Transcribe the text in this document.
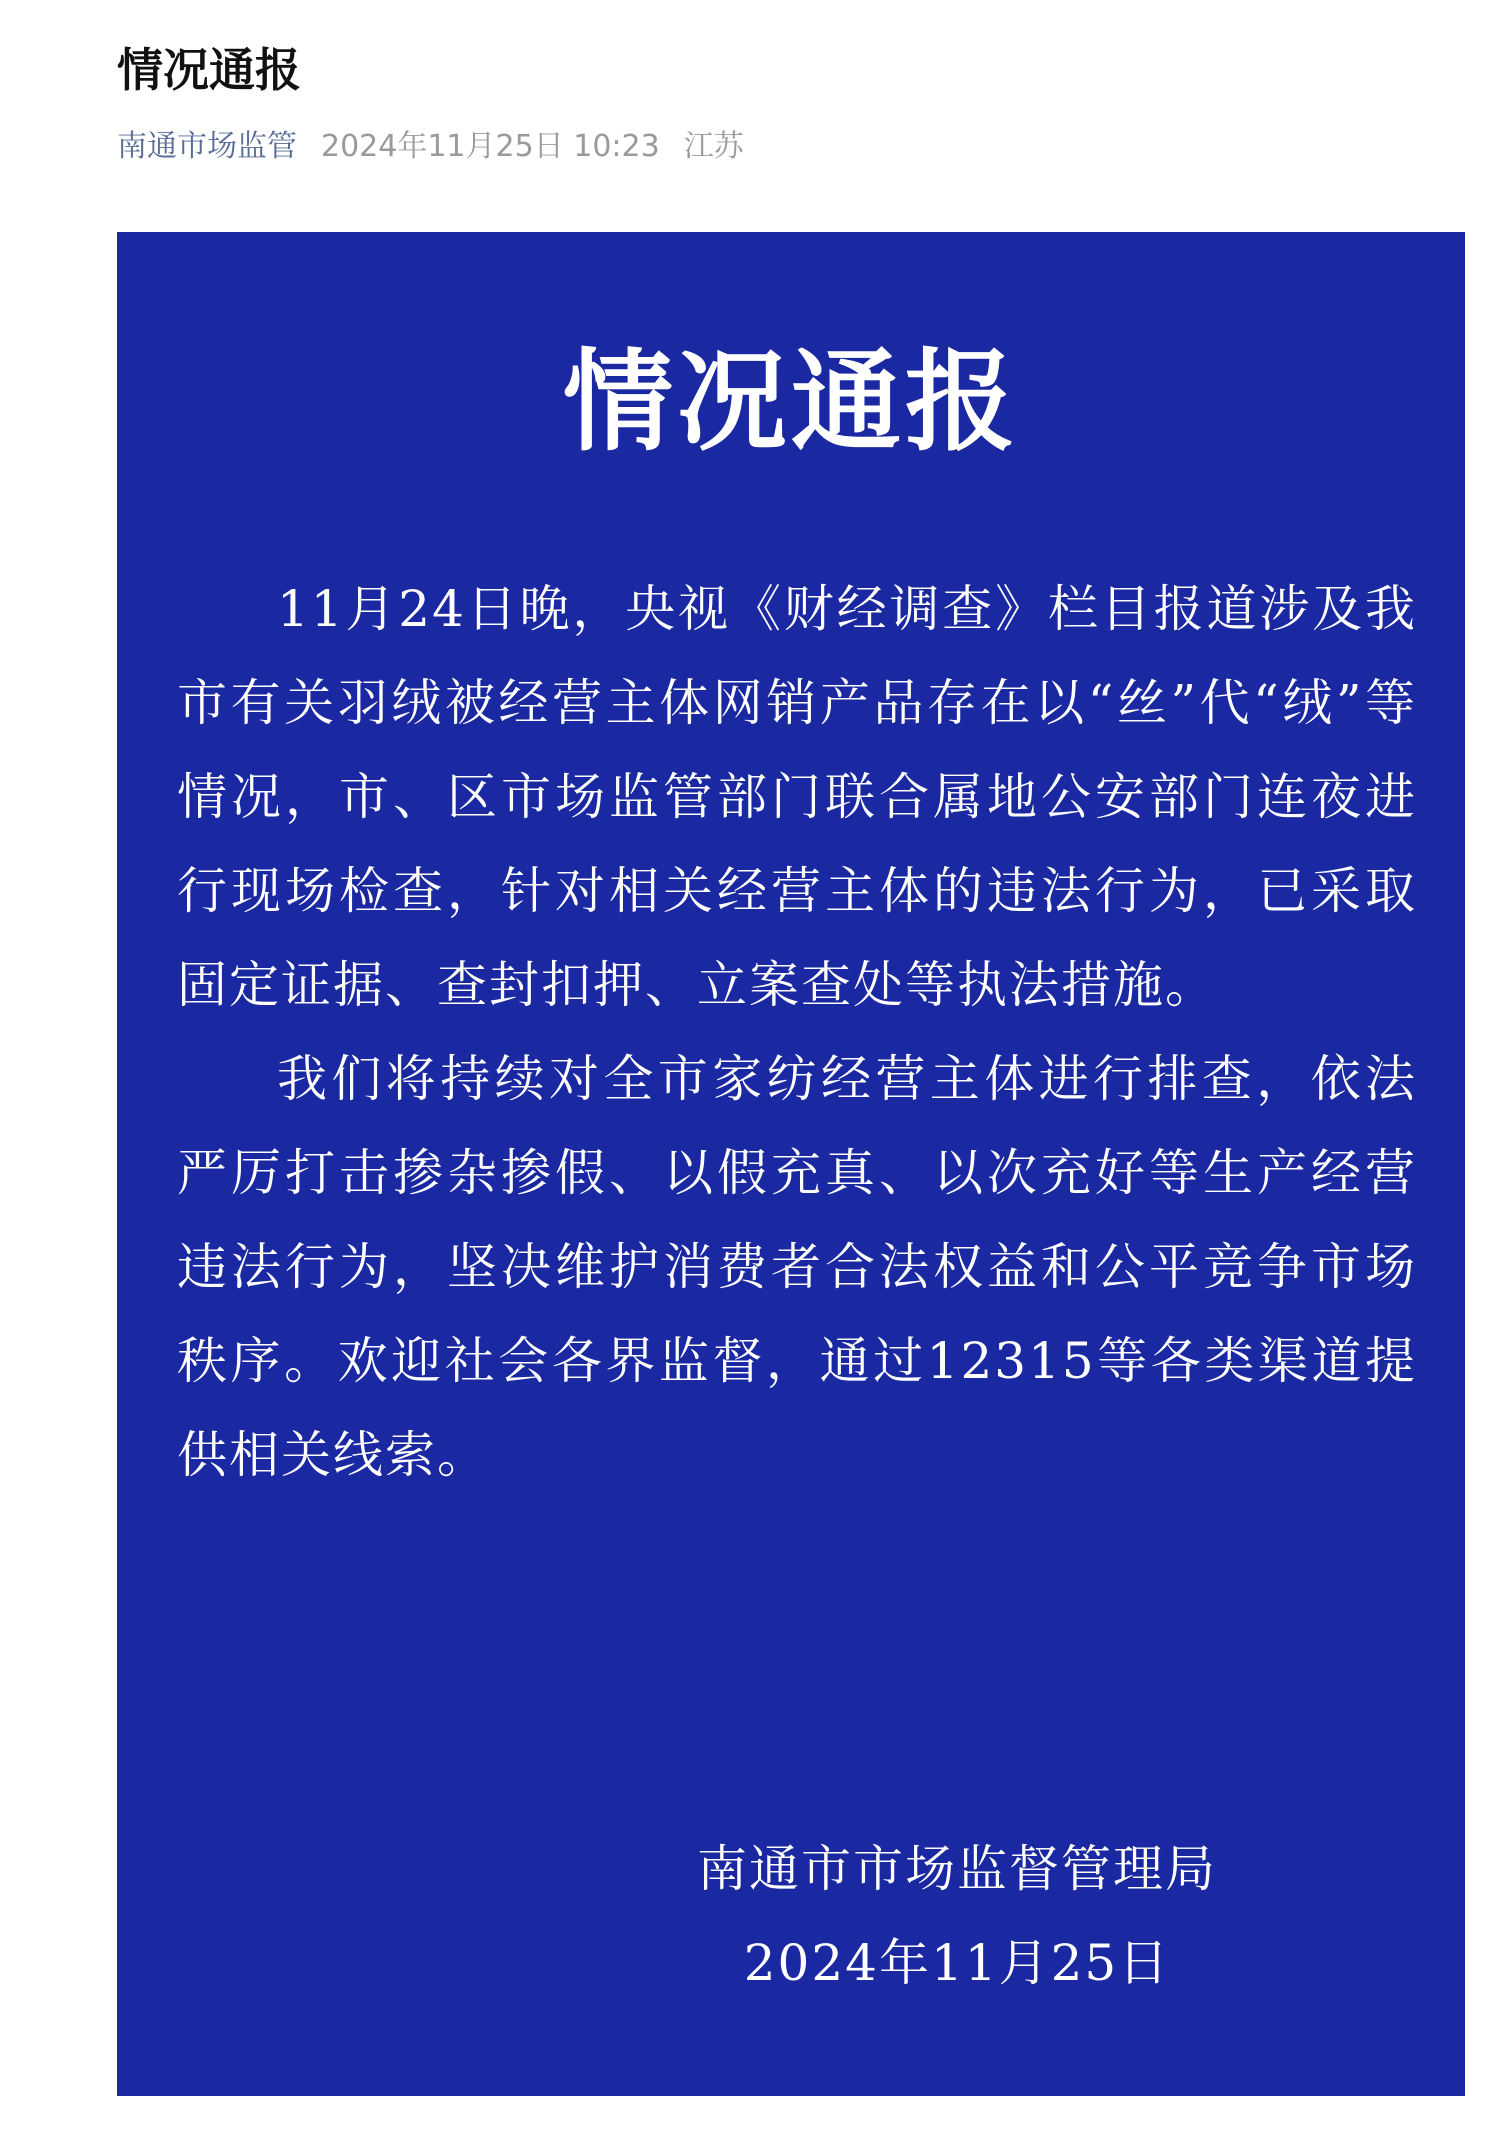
情况通报
南通市场监管 2024年11月25日 10:23 江苏
情况通报

11月24日晚，央视《财经调查》栏目报道涉及我市有关羽绒被经营主体网销产品存在以“丝”代“绒”等情况，市、区市场监管部门联合属地公安部门连夜进行现场检查，针对相关经营主体的违法行为，已采取固定证据、查封扣押、立案查处等执法措施。

我们将持续对全市家纺经营主体进行排查，依法严厉打击掺杂掺假、以假充真、以次充好等生产经营违法行为，坚决维护消费者合法权益和公平竞争市场秩序。欢迎社会各界监督，通过12315等各类渠道提供相关线索。

南通市市场监督管理局
2024年11月25日
